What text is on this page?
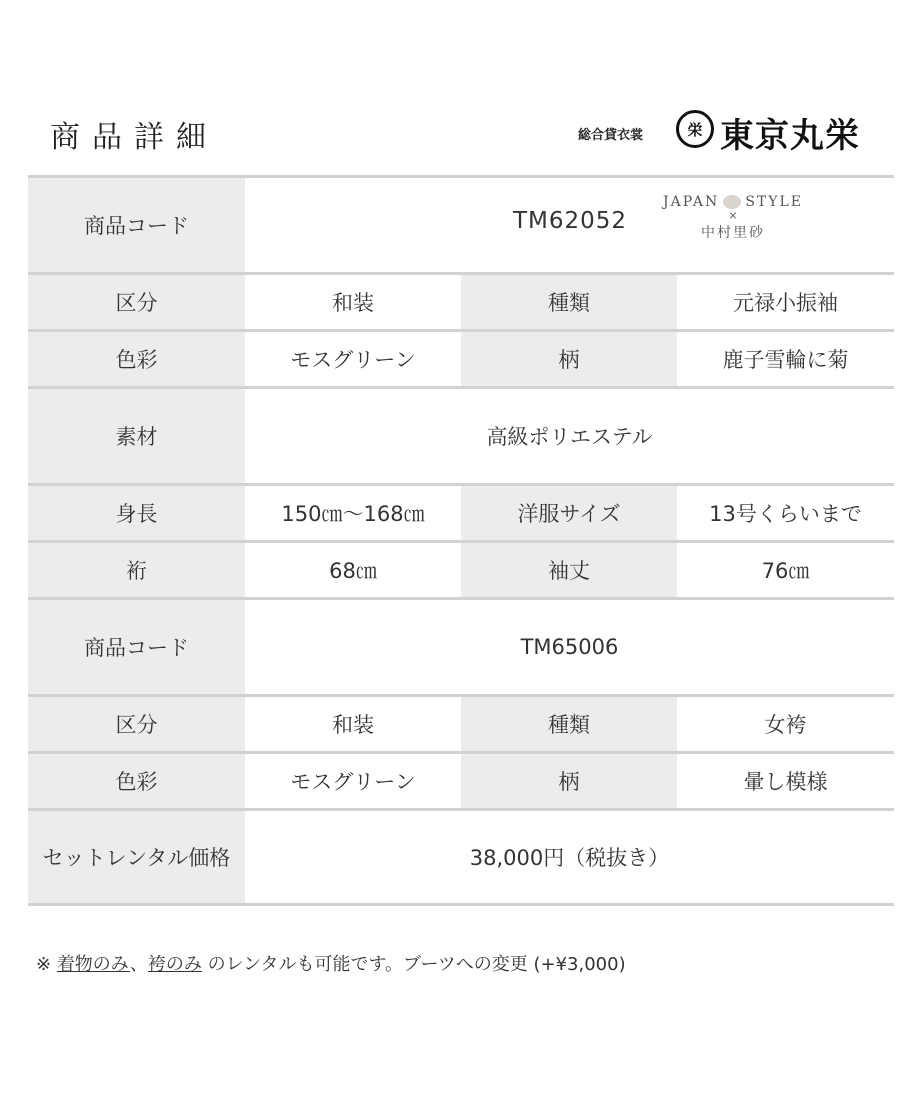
商品詳細	総合貸衣裳	栄 東京丸栄
商品コード	TM62052
JAPAN STYLE
×
中村里砂		

区分	和装	種類	元禄小振袖
色彩	モスグリーン	柄	鹿子雪輪に菊
素材	高級ポリエステル		
身長	150㎝～168㎝	洋服サイズ	13号くらいまで
裄	68㎝	袖丈	76㎝
商品コード	TM65006		
区分	和装	種類	女袴
色彩	モスグリーン	柄	暈し模様
セットレンタル価格	38,000円（税抜き）		
※ 着物のみ、袴のみ のレンタルも可能です。ブーツへの変更 (+¥3,000)
